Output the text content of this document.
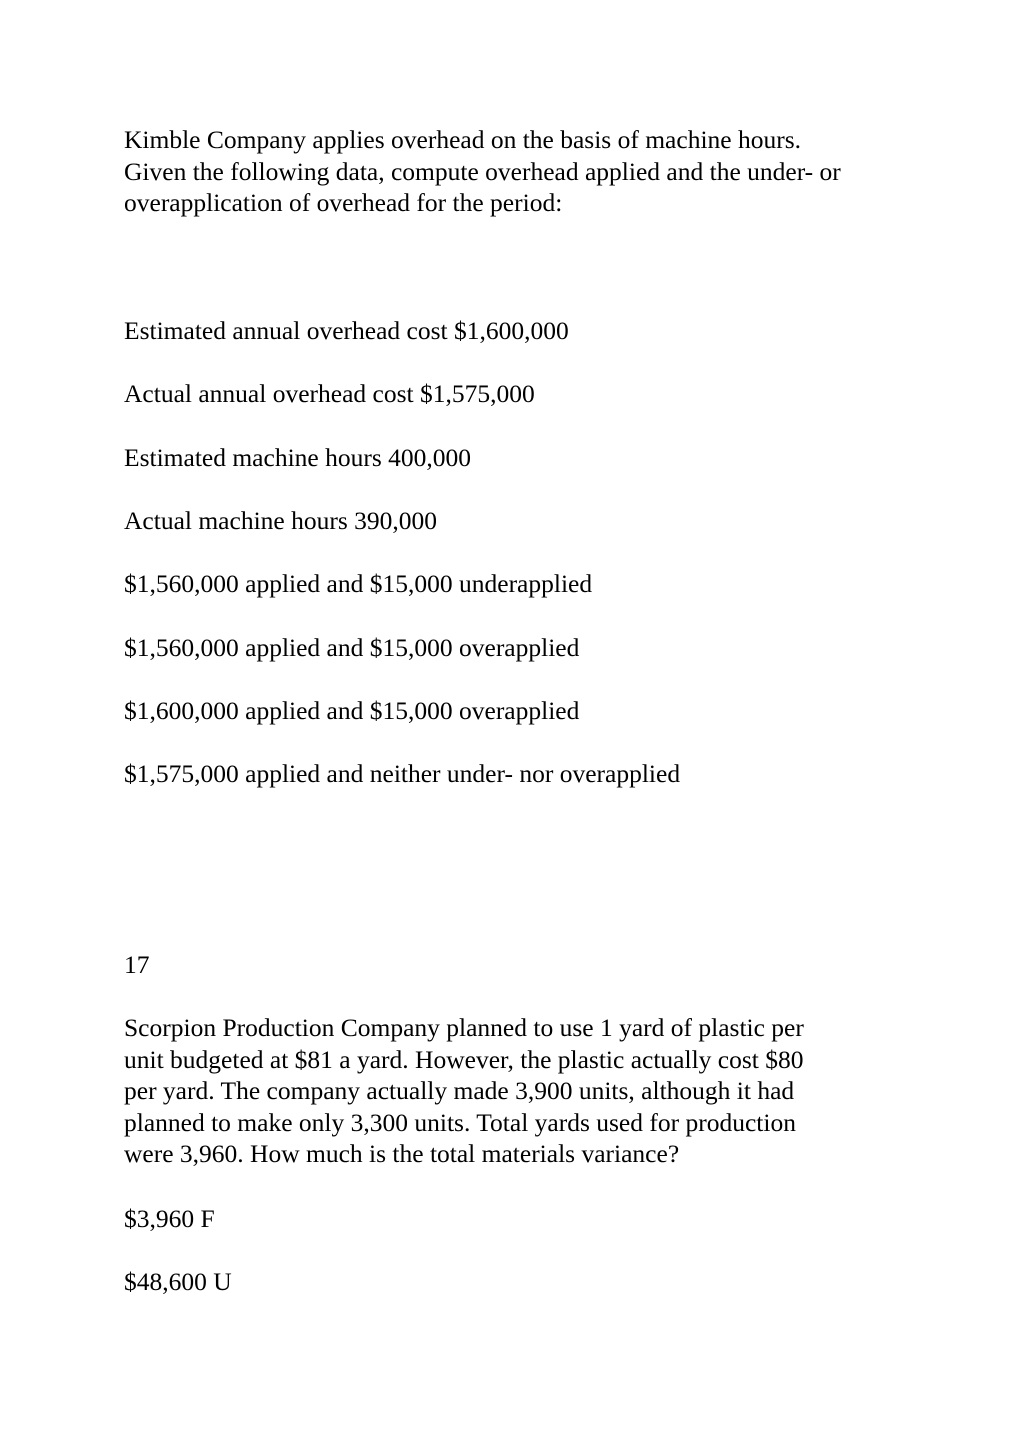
Kimble Company applies overhead on the basis of machine hours.
Given the following data, compute overhead applied and the under- or
overapplication of overhead for the period:
Estimated annual overhead cost $1,600,000
Actual annual overhead cost $1,575,000
Estimated machine hours 400,000
Actual machine hours 390,000
$1,560,000 applied and $15,000 underapplied
$1,560,000 applied and $15,000 overapplied
$1,600,000 applied and $15,000 overapplied
$1,575,000 applied and neither under- nor overapplied
17
Scorpion Production Company planned to use 1 yard of plastic per
unit budgeted at $81 a yard. However, the plastic actually cost $80
per yard. The company actually made 3,900 units, although it had
planned to make only 3,300 units. Total yards used for production
were 3,960. How much is the total materials variance?
$3,960 F
$48,600 U
